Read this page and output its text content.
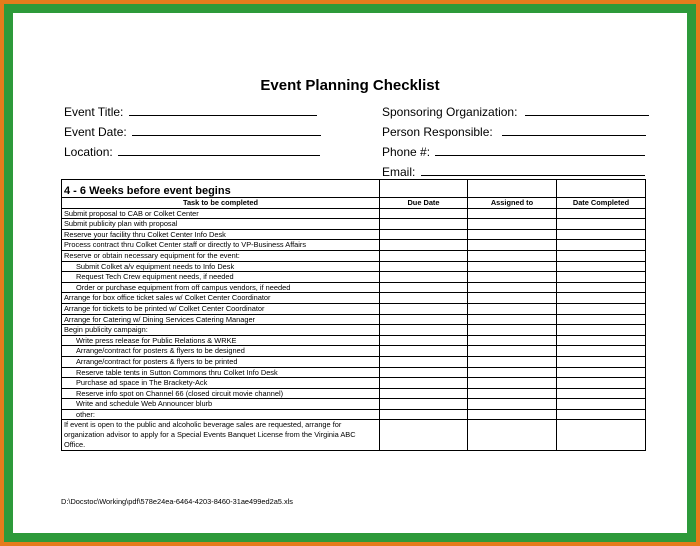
Event Planning Checklist
Event Title:
Event Date:
Location:
Sponsoring Organization:
Person Responsible:
Phone #:
Email:
4 - 6 Weeks before event begins			
Task to be completed	Due Date	Assigned to	Date Completed
Submit proposal to CAB or Colket Center			
Submit publicity plan with proposal			
Reserve your facility thru Colket Center Info Desk			
Process contract thru Colket Center staff or directly to VP-Business Affairs			
Reserve or obtain necessary equipment for the event:			
Submit Colket a/v equipment needs to Info Desk			
Request Tech Crew equipment needs, if needed			
Order or purchase equipment from off campus vendors, if needed			
Arrange for box office ticket sales w/ Colket Center Coordinator			
Arrange for tickets to be printed w/ Colket Center Coordinator			
Arrange for Catering w/ Dining Services Catering Manager			
Begin publicity campaign:			
Write press release for Public Relations & WRKE			
Arrange/contract for posters & flyers to be designed			
Arrange/contract for posters & flyers to be printed			
Reserve table tents in Sutton Commons thru Colket Info Desk			
Purchase ad space in The Brackety-Ack			
Reserve info spot on Channel 66 (closed circuit movie channel)			
Write and schedule Web Announcer blurb			
other:			
If event is open to the public and alcoholic beverage sales are requested, arrange for organization advisor to apply for a Special Events Banquet License from the Virginia ABC Office.			
D:\Docstoc\Working\pdf\578e24ea-6464-4203-8460-31ae499ed2a5.xls
